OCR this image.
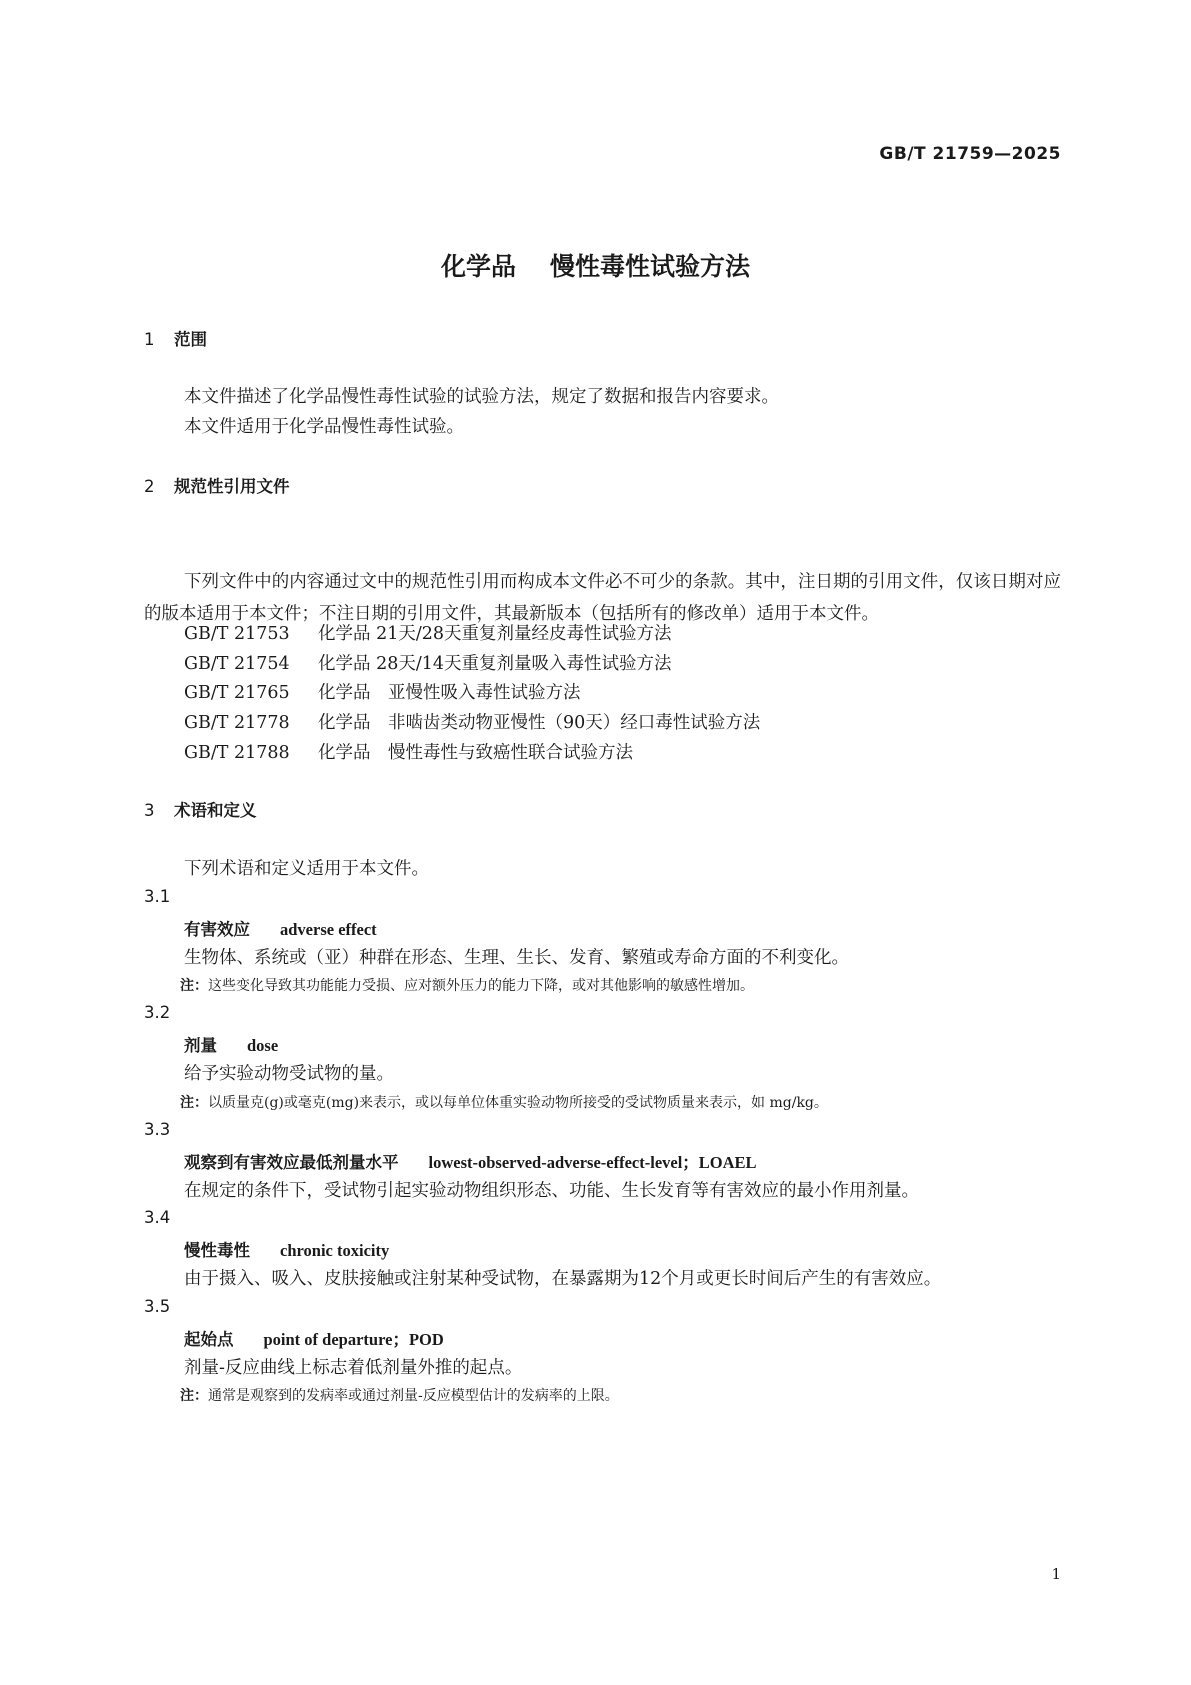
GB/T 21759—2025
化学品 慢性毒性试验方法
1 范围
本文件描述了化学品慢性毒性试验的试验方法，规定了数据和报告内容要求。
本文件适用于化学品慢性毒性试验。
2 规范性引用文件
下列文件中的内容通过文中的规范性引用而构成本文件必不可少的条款。其中，注日期的引用文件，仅该日期对应的版本适用于本文件；不注日期的引用文件，其最新版本（包括所有的修改单）适用于本文件。
GB/T 21753 化学品 21天/28天重复剂量经皮毒性试验方法
GB/T 21754 化学品 28天/14天重复剂量吸入毒性试验方法
GB/T 21765 化学品　亚慢性吸入毒性试验方法
GB/T 21778 化学品　非啮齿类动物亚慢性（90天）经口毒性试验方法
GB/T 21788 化学品　慢性毒性与致癌性联合试验方法
3 术语和定义
下列术语和定义适用于本文件。
3.1
有害效应 adverse effect
生物体、系统或（亚）种群在形态、生理、生长、发育、繁殖或寿命方面的不利变化。
注：这些变化导致其功能能力受损、应对额外压力的能力下降，或对其他影响的敏感性增加。
3.2
剂量 dose
给予实验动物受试物的量。
注：以质量克(g)或毫克(mg)来表示，或以每单位体重实验动物所接受的受试物质量来表示，如 mg/kg。
3.3
观察到有害效应最低剂量水平 lowest-observed-adverse-effect-level；LOAEL
在规定的条件下，受试物引起实验动物组织形态、功能、生长发育等有害效应的最小作用剂量。
3.4
慢性毒性 chronic toxicity
由于摄入、吸入、皮肤接触或注射某种受试物，在暴露期为12个月或更长时间后产生的有害效应。
3.5
起始点 point of departure；POD
剂量-反应曲线上标志着低剂量外推的起点。
注：通常是观察到的发病率或通过剂量-反应模型估计的发病率的上限。
1
